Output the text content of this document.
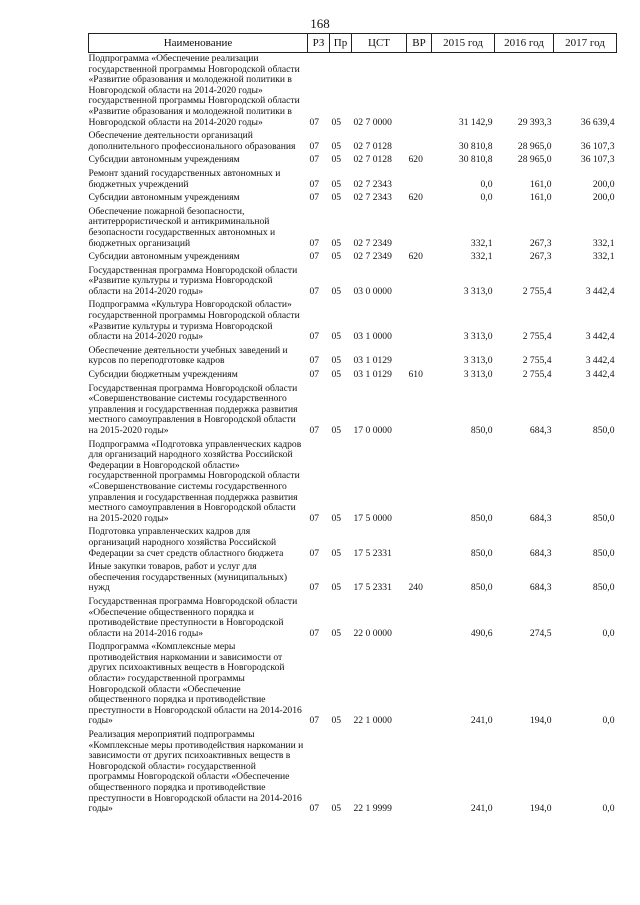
168
Наименование	РЗ	Пр	ЦСТ	ВР	2015 год	2016 год	2017 год
Подпрограмма «Обеспечение реализации государственной программы Новгородской области «Развитие образования и молодежной политики в Новгородской области на 2014-2020 годы» государственной программы Новгородской области «Развитие образования и молодежной политики в Новгородской области на 2014-2020 годы»	07	05	02 7 0000		31 142,9	29 393,3	36 639,4
Обеспечение деятельности организаций дополнительного профессионального образования	07	05	02 7 0128		30 810,8	28 965,0	36 107,3
Субсидии автономным учреждениям	07	05	02 7 0128	620	30 810,8	28 965,0	36 107,3
Ремонт зданий государственных автономных и бюджетных учреждений	07	05	02 7 2343		0,0	161,0	200,0
Субсидии автономным учреждениям	07	05	02 7 2343	620	0,0	161,0	200,0
Обеспечение пожарной безопасности, антитеррористической и антикриминальной безопасности государственных автономных и бюджетных организаций	07	05	02 7 2349		332,1	267,3	332,1
Субсидии автономным учреждениям	07	05	02 7 2349	620	332,1	267,3	332,1
Государственная программа Новгородской области «Развитие культуры и туризма Новгородской области на 2014-2020 годы»	07	05	03 0 0000		3 313,0	2 755,4	3 442,4
Подпрограмма «Культура Новгородской области» государственной программы Новгородской области «Развитие культуры и туризма Новгородской области на 2014-2020 годы»	07	05	03 1 0000		3 313,0	2 755,4	3 442,4
Обеспечение деятельности учебных заведений и курсов по переподготовке кадров	07	05	03 1 0129		3 313,0	2 755,4	3 442,4
Субсидии бюджетным учреждениям	07	05	03 1 0129	610	3 313,0	2 755,4	3 442,4
Государственная программа Новгородской области «Совершенствование системы государственного управления и государственная поддержка развития местного самоуправления в Новгородской области на 2015-2020 годы»	07	05	17 0 0000		850,0	684,3	850,0
Подпрограмма «Подготовка управленческих кадров для организаций народного хозяйства Российской Федерации в Новгородской области» государственной программы Новгородской области «Совершенствование системы государственного управления и государственная поддержка развития местного самоуправления в Новгородской области на 2015-2020 годы»	07	05	17 5 0000		850,0	684,3	850,0
Подготовка управленческих кадров для организаций народного хозяйства Российской Федерации за счет средств областного бюджета	07	05	17 5 2331		850,0	684,3	850,0
Иные закупки товаров, работ и услуг для обеспечения государственных (муниципальных) нужд	07	05	17 5 2331	240	850,0	684,3	850,0
Государственная программа Новгородской области «Обеспечение общественного порядка и противодействие преступности в Новгородской области на 2014-2016 годы»	07	05	22 0 0000		490,6	274,5	0,0
Подпрограмма «Комплексные меры противодействия наркомании и зависимости от других психоактивных веществ в Новгородской области» государственной программы Новгородской области «Обеспечение общественного порядка и противодействие преступности в Новгородской области на 2014-2016 годы»	07	05	22 1 0000		241,0	194,0	0,0
Реализация мероприятий подпрограммы «Комплексные меры противодействия наркомании и зависимости от других психоактивных веществ в Новгородской области» государственной программы Новгородской области «Обеспечение общественного порядка и противодействие преступности в Новгородской области на 2014-2016 годы»	07	05	22 1 9999		241,0	194,0	0,0
